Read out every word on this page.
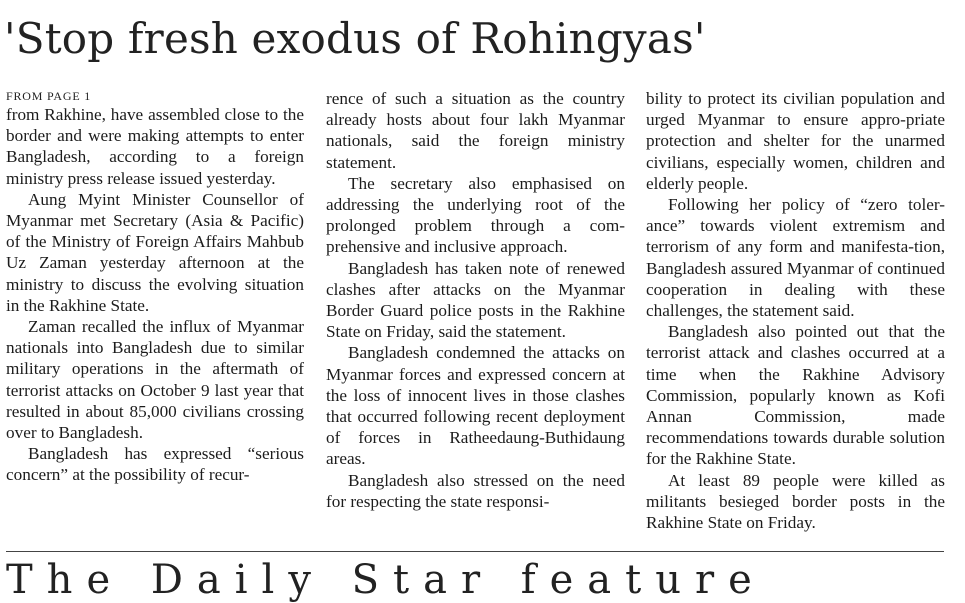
'Stop fresh exodus of Rohingyas'
FROM PAGE 1

from Rakhine, have assembled close to the border and were making attempts to enter Bangladesh, according to a foreign ministry press release issued yesterday.

Aung Myint Minister Counsellor of Myanmar met Secretary (Asia & Pacific) of the Ministry of Foreign Affairs Mahbub Uz Zaman yesterday afternoon at the ministry to discuss the evolving situation in the Rakhine State.

Zaman recalled the influx of Myanmar nationals into Bangladesh due to similar military operations in the aftermath of terrorist attacks on October 9 last year that resulted in about 85,000 civilians crossing over to Bangladesh.

Bangladesh has expressed “serious concern” at the possibility of recur-

rence of such a situation as the country already hosts about four lakh Myanmar nationals, said the foreign ministry statement.

The secretary also emphasised on addressing the underlying root of the prolonged problem through a com-prehensive and inclusive approach.

Bangladesh has taken note of renewed clashes after attacks on the Myanmar Border Guard police posts in the Rakhine State on Friday, said the statement.

Bangladesh condemned the attacks on Myanmar forces and expressed concern at the loss of innocent lives in those clashes that occurred following recent deployment of forces in Ratheedaung-Buthidaung areas.

Bangladesh also stressed on the need for respecting the state responsi-

bility to protect its civilian population and urged Myanmar to ensure appro-priate protection and shelter for the unarmed civilians, especially women, children and elderly people.

Following her policy of “zero toler-ance” towards violent extremism and terrorism of any form and manifesta-tion, Bangladesh assured Myanmar of continued cooperation in dealing with these challenges, the statement said.

Bangladesh also pointed out that the terrorist attack and clashes occurred at a time when the Rakhine Advisory Commission, popularly known as Kofi Annan Commission, made recommendations towards durable solution for the Rakhine State.

At least 89 people were killed as militants besieged border posts in the Rakhine State on Friday.

The Daily Star feature
